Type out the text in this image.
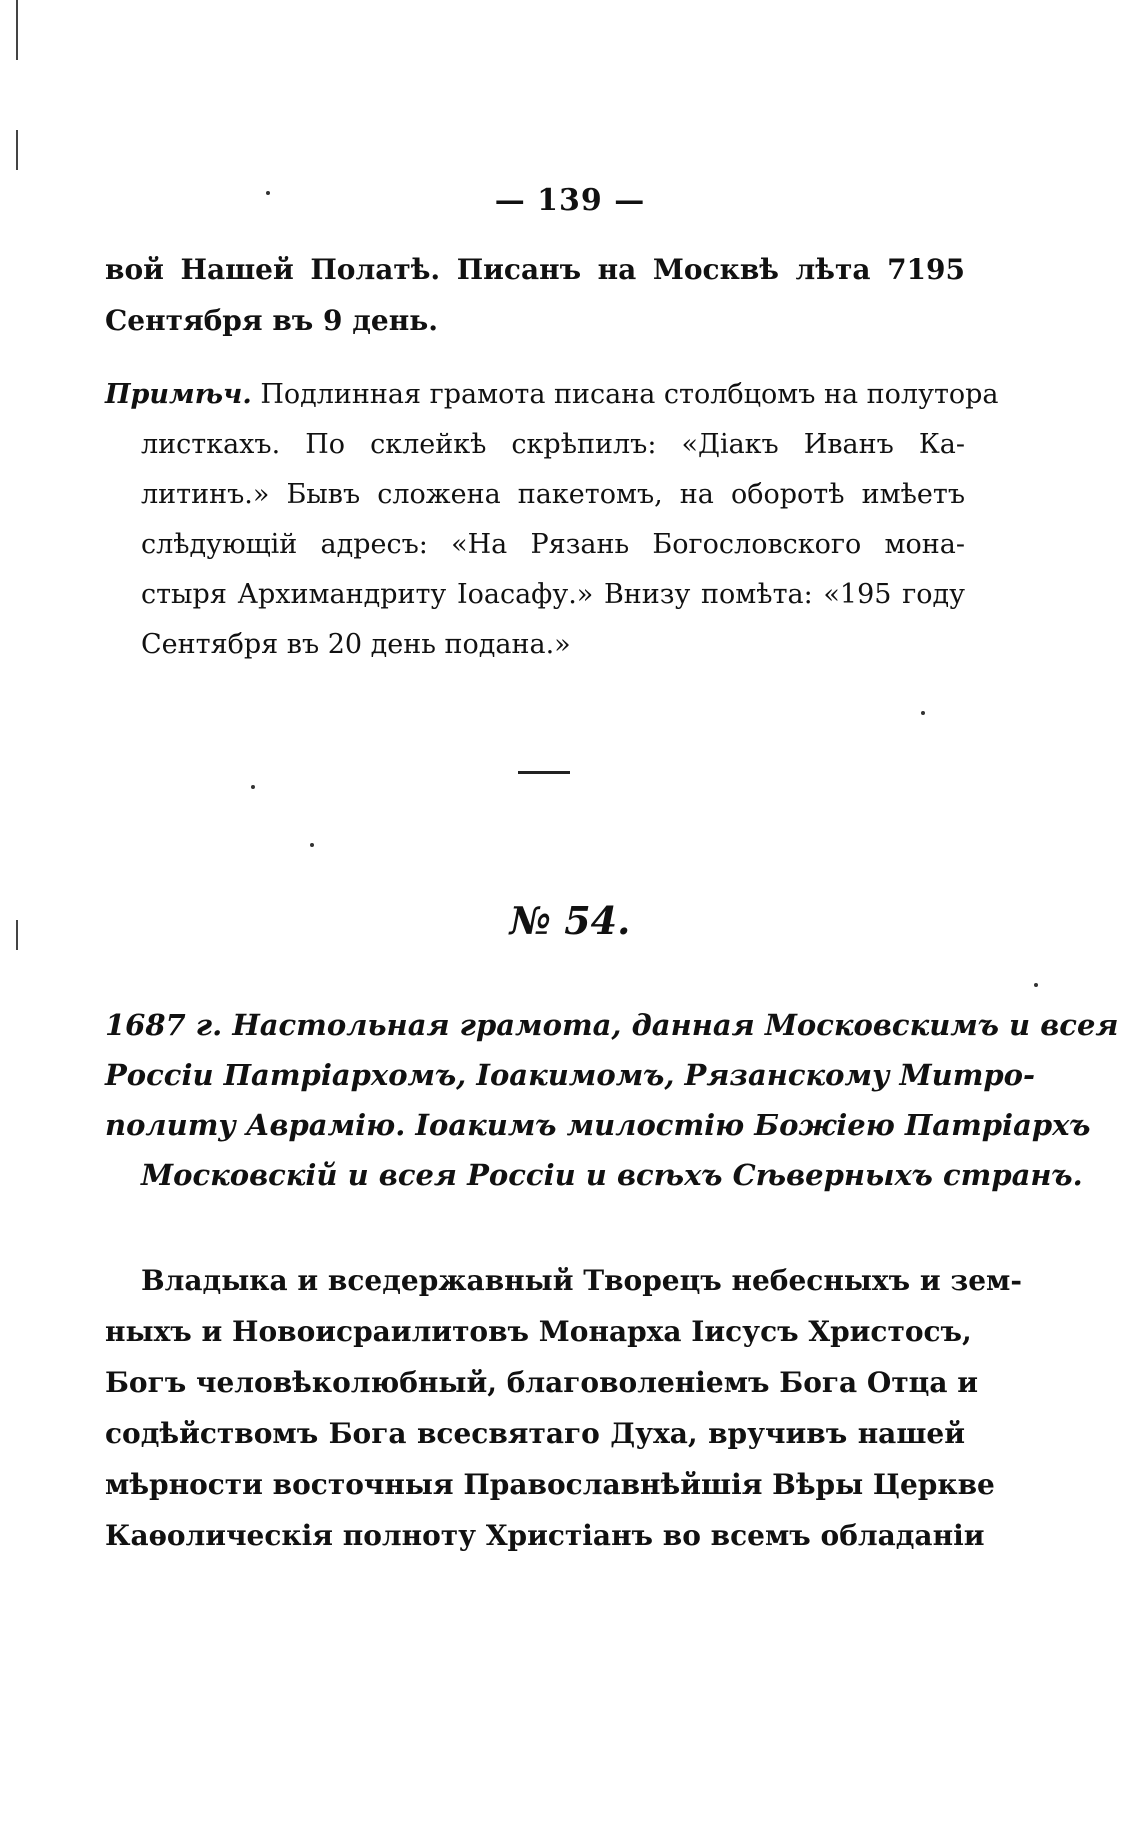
— 139 —

вой Нашей Полатѣ. Писанъ на Москвѣ лѣта 7195

Сентября въ 9 день.

Примѣч. Подлинная грамота писана столбцомъ на полутора

листкахъ. По склейкѣ скрѣпилъ: «Діакъ Иванъ Ка-

литинъ.» Бывъ сложена пакетомъ, на оборотѣ имѣетъ

слѣдующій адресъ: «На Рязань Богословского мона-

стыря Архимандриту Іоасафу.» Внизу помѣта: «195 году

Сентября въ 20 день подана.»

№ 54.

1687 г. Настольная грамота, данная Московскимъ и всея

Россіи Патріархомъ, Іоакимомъ, Рязанскому Митро-

политу Аврамію. Іоакимъ милостію Божіею Патріархъ

Московскій и всея Россіи и всѣхъ Сѣверныхъ странъ.

Владыка и вседержавный Творецъ небесныхъ и зем-

ныхъ и Новоисраилитовъ Монарха Іисусъ Христосъ,

Богъ человѣколюбный, благоволеніемъ Бога Отца и

содѣйствомъ Бога всесвятаго Духа, вручивъ нашей

мѣрности восточныя Православнѣйшія Вѣры Церкве

Каѳолическія полноту Христіанъ во всемъ обладаніи
